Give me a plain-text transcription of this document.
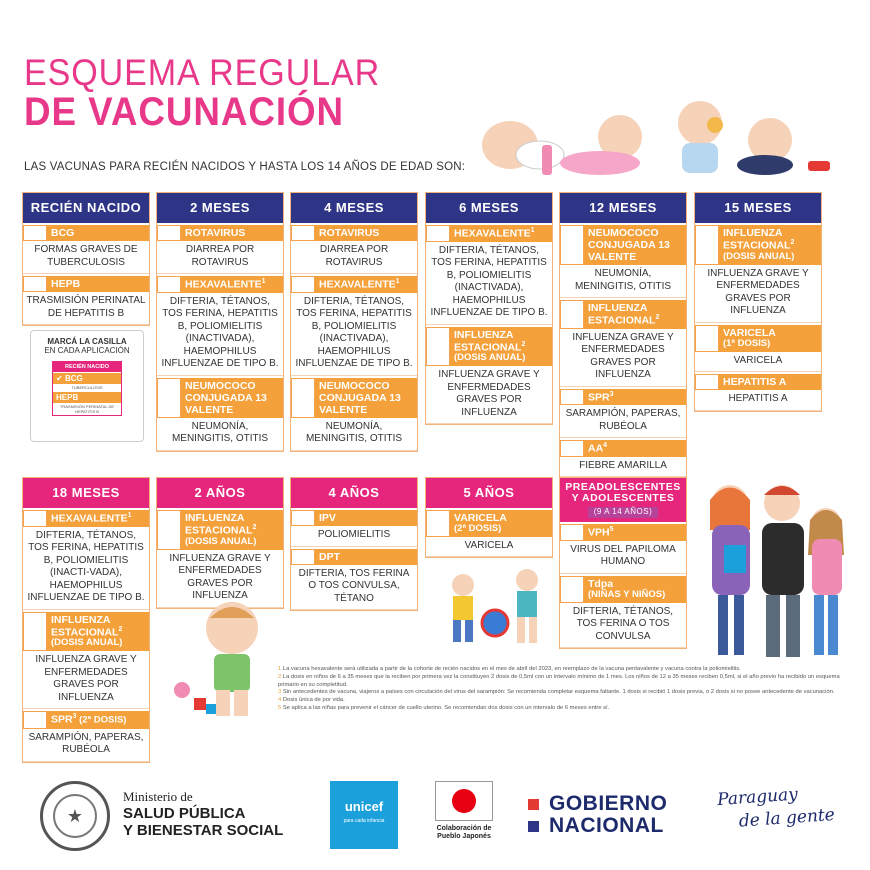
ESQUEMA REGULAR
DE VACUNACIÓN
LAS VACUNAS PARA RECIÉN NACIDOS Y HASTA LOS 14 AÑOS DE EDAD SON:
RECIÉN NACIDO
BCG
FORMAS GRAVES DE TUBERCULOSIS
HEPB
TRASMISIÓN PERINATAL DE HEPATITIS B
2 MESES
ROTAVIRUS
DIARREA POR ROTAVIRUS
HEXAVALENTE$^1$
DIFTERIA, TÉTANOS, TOS FERINA, HEPATITIS B, POLIOMIELITIS (INACTIVADA), HAEMOPHILUS INFLUENZAE DE TIPO B.
NEUMOCOCO CONJUGADA 13 VALENTE
NEUMONÍA, MENINGITIS, OTITIS
4 MESES
ROTAVIRUS
DIARREA POR ROTAVIRUS
HEXAVALENTE$^1$
DIFTERIA, TÉTANOS, TOS FERINA, HEPATITIS B, POLIOMIELITIS (INACTIVADA), HAEMOPHILUS INFLUENZAE DE TIPO B.
NEUMOCOCO CONJUGADA 13 VALENTE
NEUMONÍA, MENINGITIS, OTITIS
6 MESES
HEXAVALENTE$^1$
DIFTERIA, TÉTANOS, TOS FERINA, HEPATITIS B, POLIOMIELITIS (INACTIVADA), HAEMOPHILUS INFLUENZAE DE TIPO B.
INFLUENZA ESTACIONAL$^2$
(DOSIS ANUAL)
INFLUENZA GRAVE Y ENFERMEDADES GRAVES POR INFLUENZA
12 MESES
NEUMOCOCO CONJUGADA 13 VALENTE
NEUMONÍA, MENINGITIS, OTITIS
INFLUENZA ESTACIONAL$^2$
INFLUENZA GRAVE Y ENFERMEDADES GRAVES POR INFLUENZA
SPR$^3$
SARAMPIÓN, PAPERAS, RUBÉOLA
$AA^4$
FIEBRE AMARILLA
15 MESES
INFLUENZA ESTACIONAL$^2$
(DOSIS ANUAL)
INFLUENZA GRAVE Y ENFERMEDADES GRAVES POR INFLUENZA
VARICELA
(1ª DOSIS)
VARICELA
HEPATITIS A
HEPATITIS A
18 MESES
HEXAVALENTE$^1$
DIFTERIA, TÉTANOS, TOS FERINA, HEPATITIS B, POLIOMIELITIS (INACTI-VADA), HAEMOPHILUS INFLUENZAE DE TIPO B.
INFLUENZA ESTACIONAL$^2$
(DOSIS ANUAL)
INFLUENZA GRAVE Y ENFERMEDADES GRAVES POR INFLUENZA
SPR$^3$ (2ª DOSIS)
SARAMPIÓN, PAPERAS, RUBÉOLA
2 AÑOS
INFLUENZA ESTACIONAL$^2$
(DOSIS ANUAL)
INFLUENZA GRAVE Y ENFERMEDADES GRAVES POR INFLUENZA
4 AÑOS
IPV
POLIOMIELITIS
DPT
DIFTERIA, TOS FERINA O TOS CONVULSA, TÉTANO
5 AÑOS
VARICELA
(2ª DOSIS)
VARICELA
PREADOLESCENTES Y ADOLESCENTES
(9 A 14 AÑOS)
VPH$^5$
VIRUS DEL PAPILOMA HUMANO
Tdpa
(NIÑAS Y NIÑOS)
DIFTERIA, TÉTANOS, TOS FERINA O TOS CONVULSA
MARCÁ LA CASILLA
EN CADA APLICACIÓN
RECIÉN NACIDO
✔ BCG
TUBERCULOSIS
HEPB
TRASMISIÓN PERINATAL DE HEPATITIS B
1 La vacuna hexavalente será utilizada a partir de la cohorte de recién nacidos en el mes de abril del 2023, en reemplazo de la vacuna pentavalente y vacuna contra la poliomielitis.
2 La dosis en niños de 6 a 35 meses que la reciben por primera vez la constituyen 2 dosis de 0,5ml con un intervalo mínimo de 1 mes. Los niños de 12 a 35 meses reciben 0,5ml, si el año previo ha recibido un esquema primario en su completitud.
3 Sin antecedentes de vacuna, viajeros a países con circulación del virus del sarampión: Se recomienda completar esquema faltante. 1 dosis si recibió 1 dosis previa, o 2 dosis si no posee antecedente de vacunación.
4 Dosis única de por vida.
5 Se aplica a las niñas para prevenir el cáncer de cuello uterino. Se recomiendan dos dosis con un intervalo de 6 meses entre sí.
★
Ministerio de
SALUD PÚBLICA
Y BIENESTAR SOCIAL
unicef
para cada infancia
Colaboración de
Pueblo Japonés
GOBIERNO
NACIONAL
Paraguay
de la gente
